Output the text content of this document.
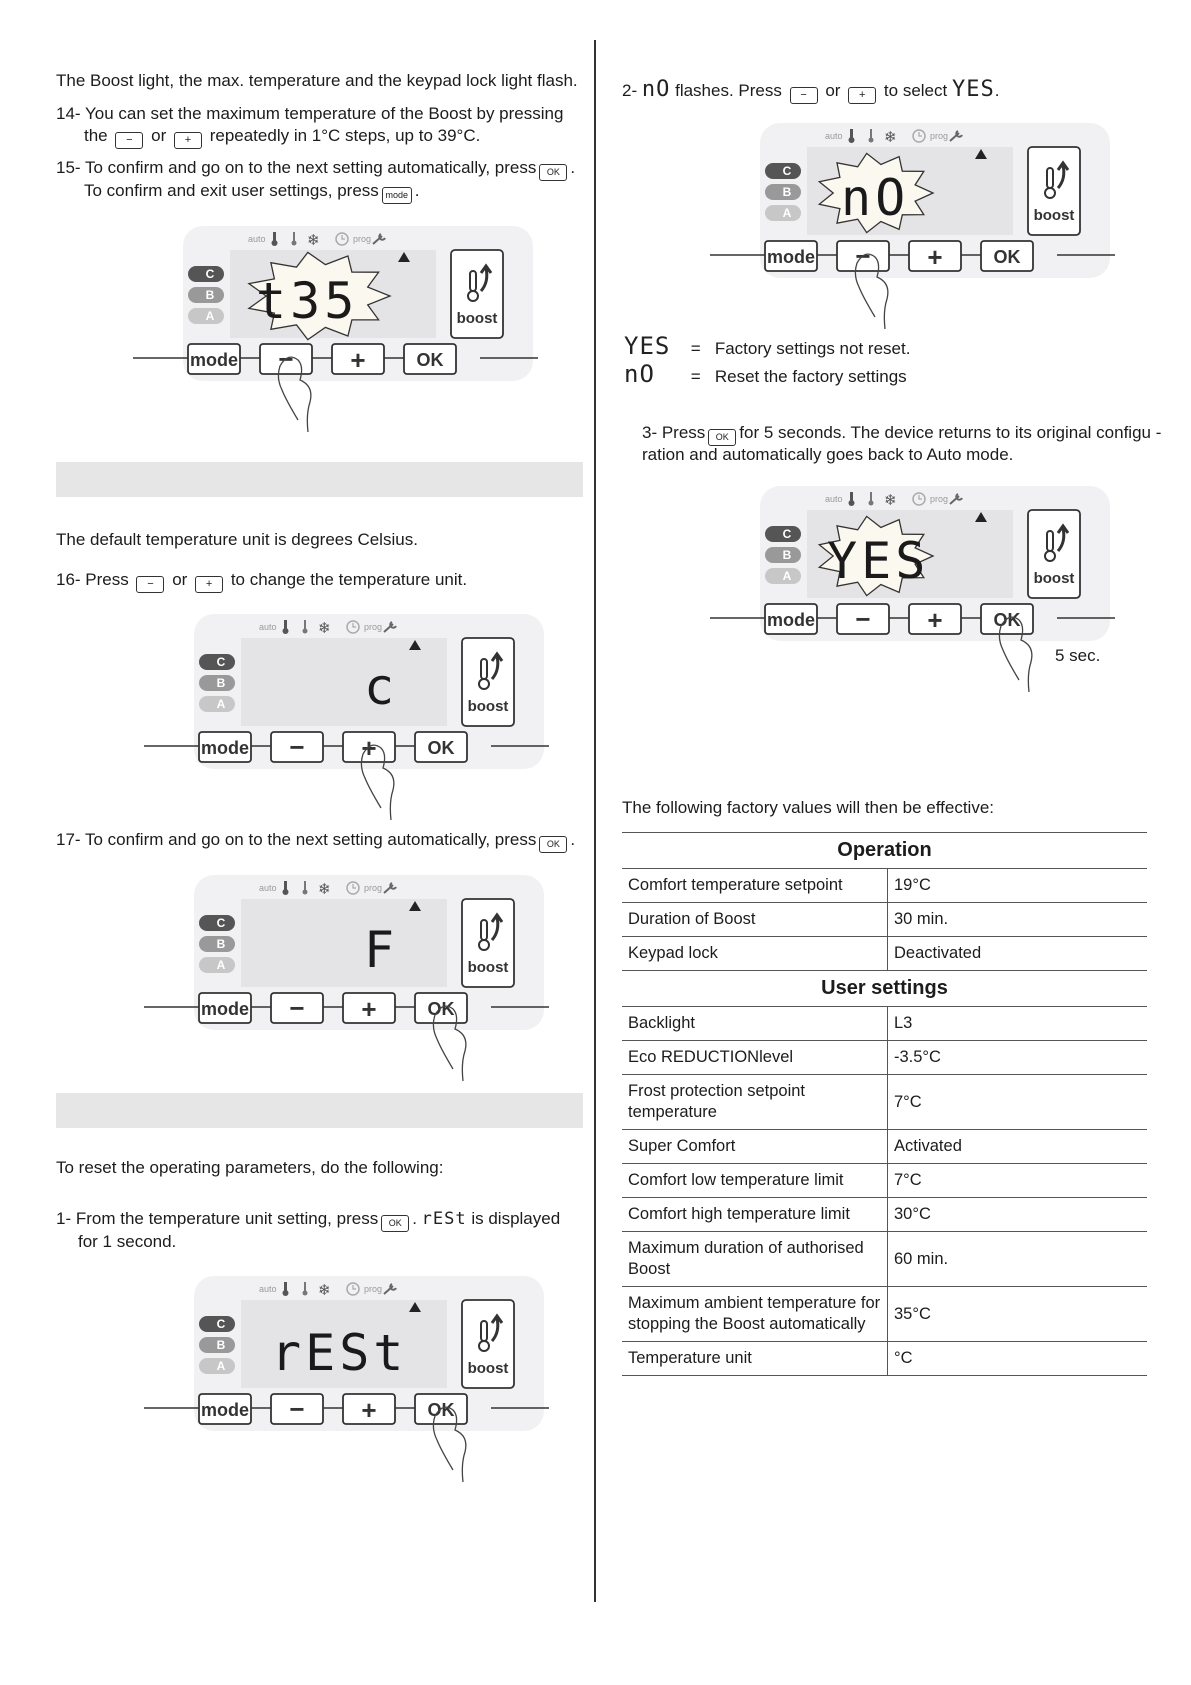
The Boost light, the max. temperature and the keypad lock light flash.
14- You can set the maximum temperature of the Boost by pressing
the − or + repeatedly in 1°C steps, up to 39°C.
15- To confirm and go on to the next setting automatically, press OK .
To confirm and exit user settings, press mode .
The default temperature unit is degrees Celsius.
16- Press − or + to change the temperature unit.
17- To confirm and go on to the next setting automatically, press OK .
To reset the operating parameters, do the following:
1- From the temperature unit setting, press OK . rESt is displayed
for 1 second.
2- nO flashes. Press − or + to select YES.
YES = Factory settings not reset.
nO = Reset the factory settings
3- Press OK for 5 seconds. The device returns to its original configu -
ration and automatically goes back to Auto mode.
5 sec.
The following factory values will then be effective:
Operation	
Comfort temperature setpoint	19°C
Duration of Boost	30 min.
Keypad lock	Deactivated
User settings	
Backlight	L3
Eco REDUCTIONlevel	-3.5°C
Frost protection setpoint temperature	7°C
Super Comfort	Activated
Comfort low temperature limit	7°C
Comfort high temperature limit	30°C
Maximum duration of authorised Boost	60 min.
Maximum ambient temperature for stopping the Boost automatically	35°C
Temperature unit	°C
auto	❄	prog
C
B
A t35	boost
mode − +	OK
auto	❄	prog
C
B
A	c	boost
mode − +	OK
auto	❄	prog
C
B
A	F	boost
mode − +	OK
auto	❄	prog
C
B
A rESt	boost
mode − +	OK
auto	❄	prog
C
B
A nO	boost
mode − +	OK
auto	❄	prog
C
B
A YES	boost
mode − +	OK
